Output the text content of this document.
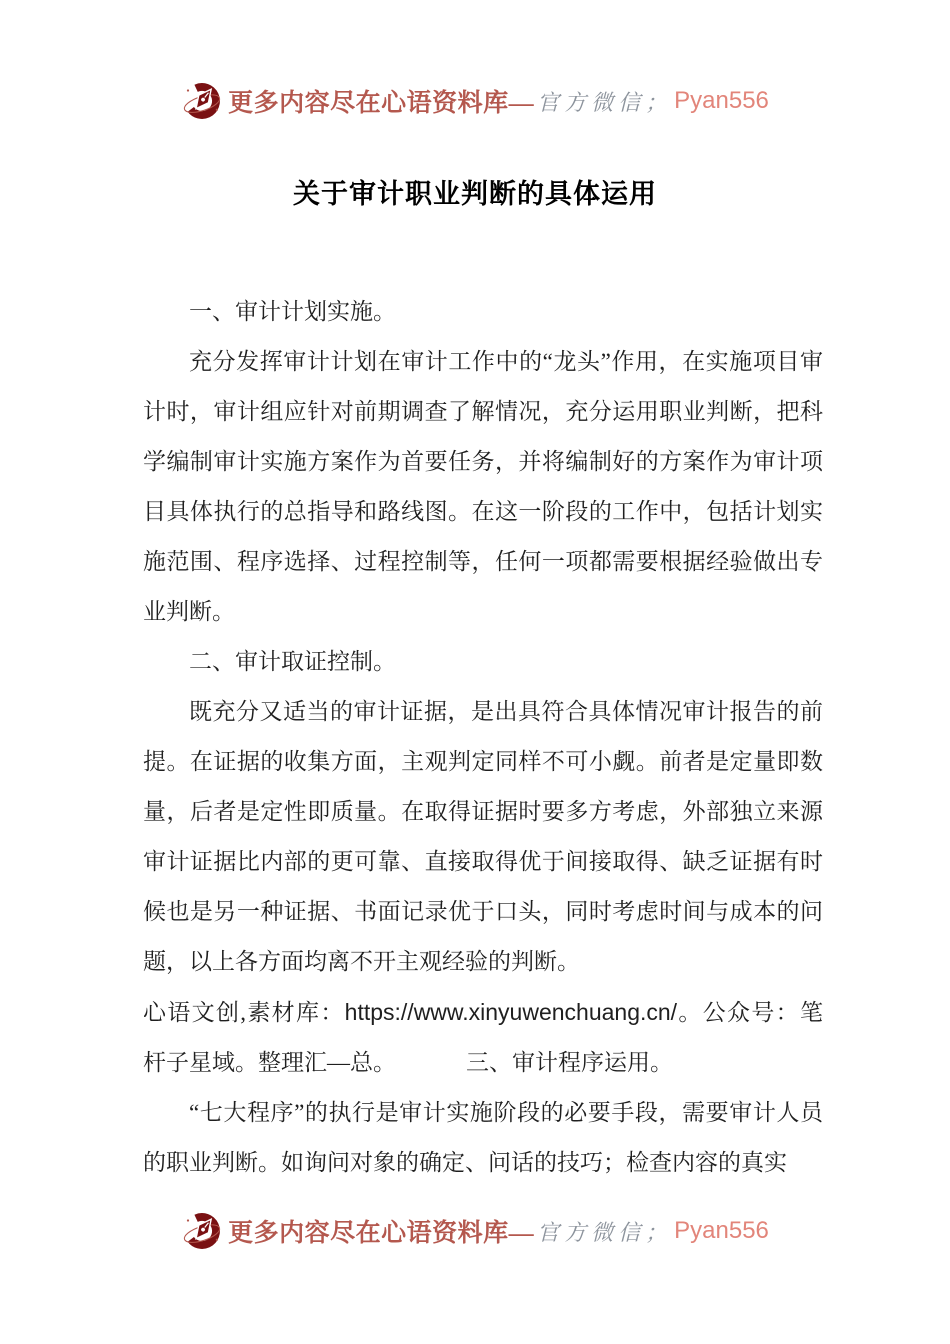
更多内容尽在心语资料库— 官方微信； Pyan556
关于审计职业判断的具体运用

一、审计计划实施。

充分发挥审计计划在审计工作中的“龙头”作用，在实施项目审计时，审计组应针对前期调查了解情况，充分运用职业判断，把科学编制审计实施方案作为首要任务，并将编制好的方案作为审计项目具体执行的总指导和路线图。在这一阶段的工作中，包括计划实施范围、程序选择、过程控制等，任何一项都需要根据经验做出专业判断。

二、审计取证控制。

既充分又适当的审计证据，是出具符合具体情况审计报告的前提。在证据的收集方面，主观判定同样不可小觑。前者是定量即数量，后者是定性即质量。在取得证据时要多方考虑，外部独立来源审计证据比内部的更可靠、直接取得优于间接取得、缺乏证据有时候也是另一种证据、书面记录优于口头，同时考虑时间与成本的问题，以上各方面均离不开主观经验的判断。

心语文创,素材库：https://www.xinyuwenchuang.cn/。公众号：笔杆子星域。整理汇—总。	三、审计程序运用。

“七大程序”的执行是审计实施阶段的必要手段，需要审计人员的职业判断。如询问对象的确定、问话的技巧；检查内容的真实

更多内容尽在心语资料库— 官方微信； Pyan556
